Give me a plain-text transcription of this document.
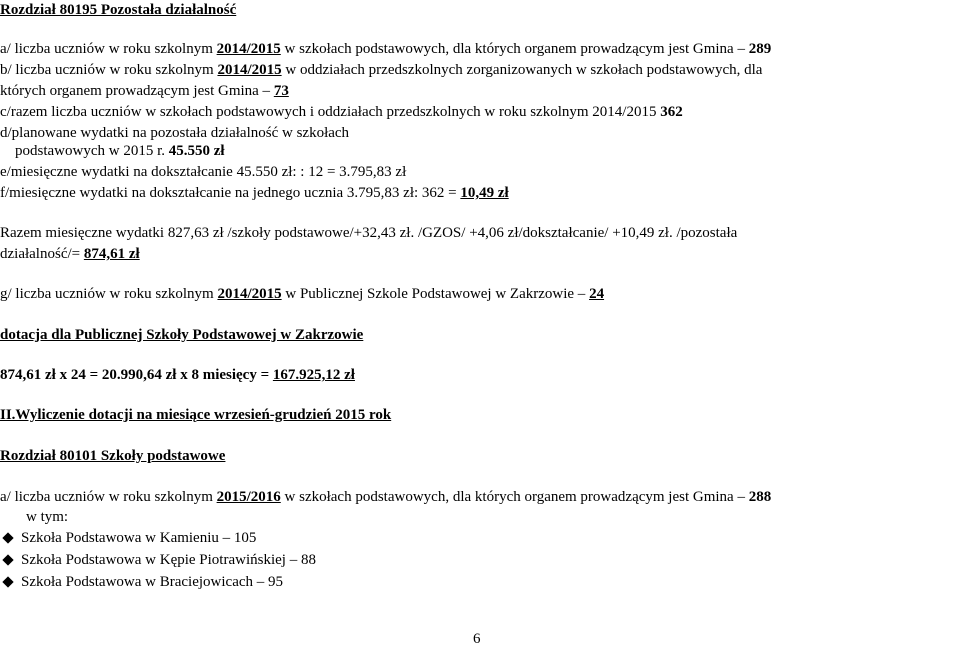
Rozdział 80195 Pozostała działalność
a/ liczba uczniów w roku szkolnym 2014/2015 w szkołach podstawowych, dla których organem prowadzącym jest Gmina – 289
b/ liczba uczniów w roku szkolnym 2014/2015 w oddziałach przedszkolnych zorganizowanych w szkołach podstawowych, dla
których organem prowadzącym jest Gmina – 73
c/razem liczba uczniów w szkołach podstawowych i oddziałach przedszkolnych w roku szkolnym 2014/2015 362
d/planowane wydatki na pozostała działalność w szkołach
podstawowych w 2015 r. 45.550 zł
e/miesięczne wydatki na dokształcanie 45.550 zł: : 12 = 3.795,83 zł
f/miesięczne wydatki na dokształcanie na jednego ucznia 3.795,83 zł: 362 = 10,49 zł
Razem miesięczne wydatki 827,63 zł /szkoły podstawowe/+32,43 zł. /GZOS/ +4,06 zł/dokształcanie/ +10,49 zł. /pozostała
działalność/= 874,61 zł
g/ liczba uczniów w roku szkolnym 2014/2015 w Publicznej Szkole Podstawowej w Zakrzowie – 24
dotacja dla Publicznej Szkoły Podstawowej w Zakrzowie
874,61 zł x 24 = 20.990,64 zł x 8 miesięcy = 167.925,12 zł
II.Wyliczenie dotacji na miesiące wrzesień-grudzień 2015 rok
Rozdział 80101 Szkoły podstawowe
a/ liczba uczniów w roku szkolnym 2015/2016 w szkołach podstawowych, dla których organem prowadzącym jest Gmina – 288
w tym:
Szkoła Podstawowa w Kamieniu – 105
Szkoła Podstawowa w Kępie Piotrawińskiej – 88
Szkoła Podstawowa w Braciejowicach – 95
6
